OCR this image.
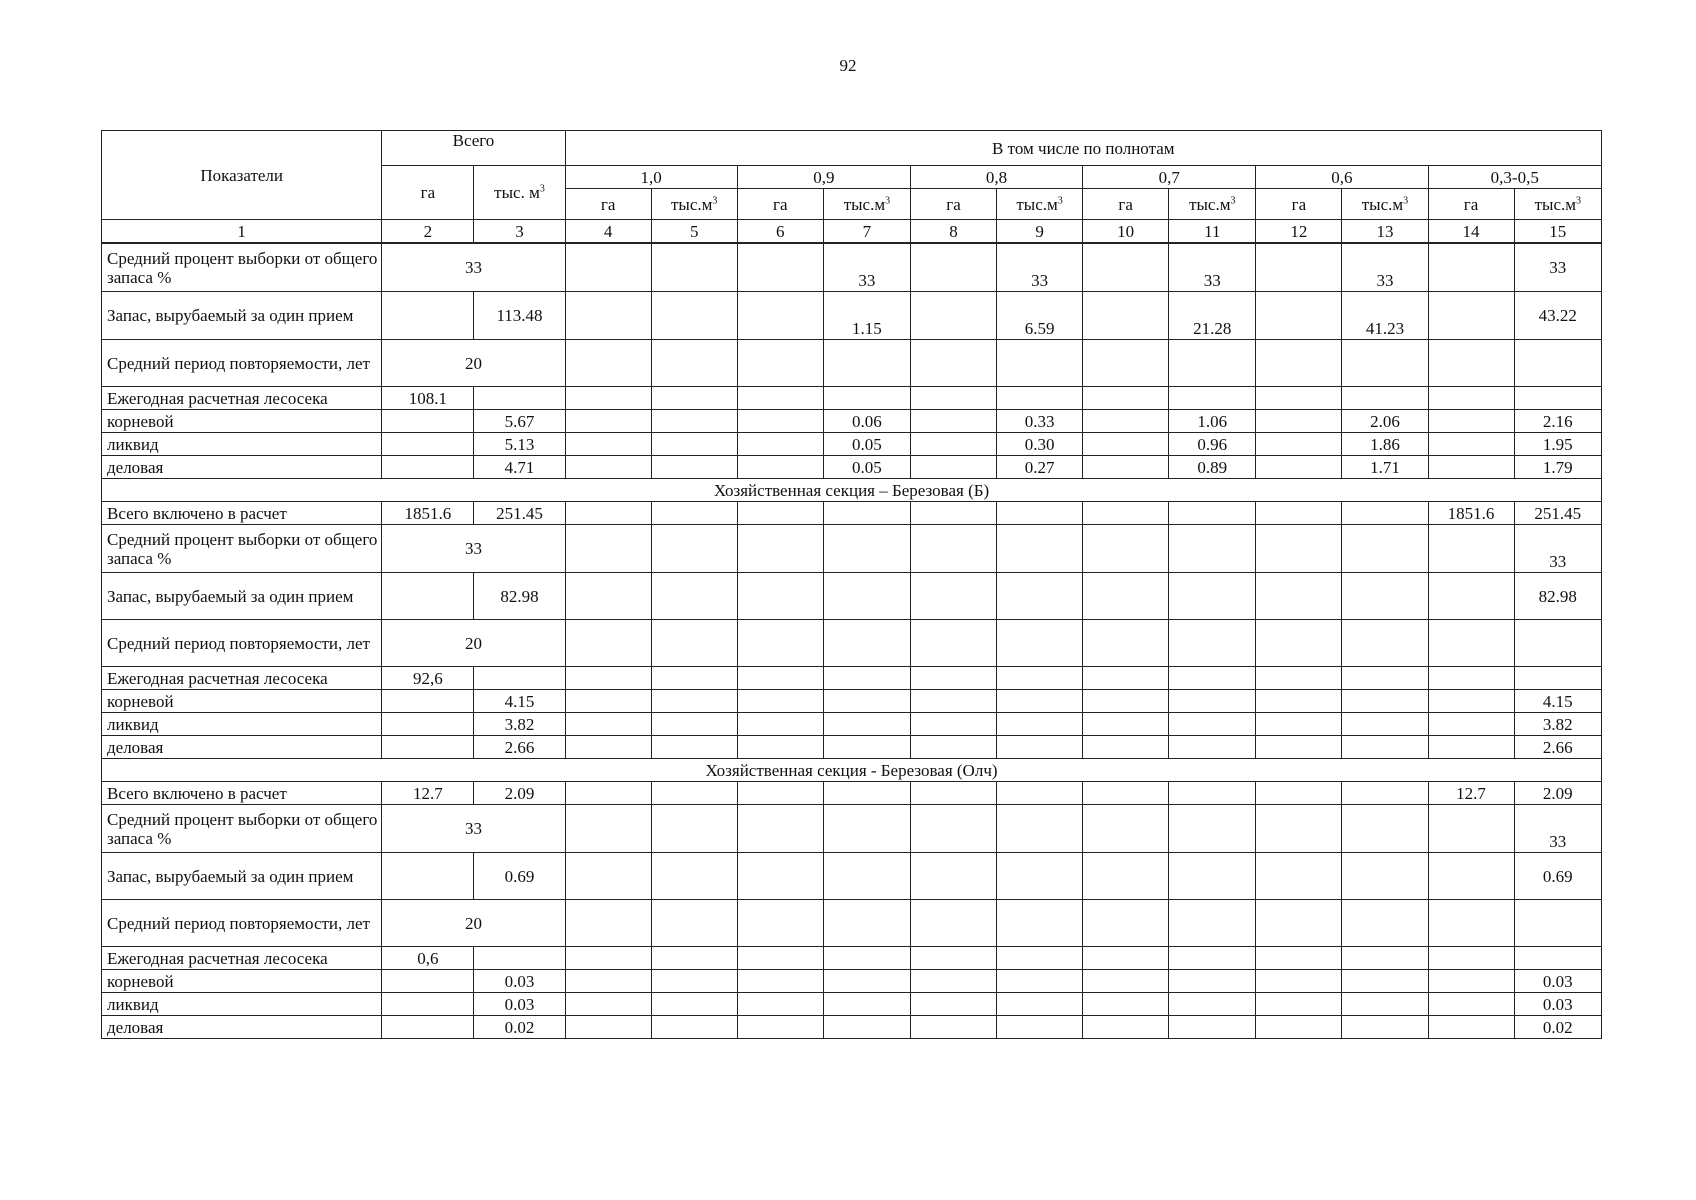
92
Показатели	Всего		В том числе по полнотам											
	га	тыс. $м^3$	1,0		0,9		0,8		0,7		0,6		0,3-0,5	
			га	$тыс.м^3$	га	$тыс.м^3$	га	$тыс.м^3$	га	$тыс.м^3$	га	$тыс.м^3$	га	$тыс.м^3$
1	2	3	4	5	6	7	8	9	10	11	12	13	14	15
Средний процент выборки от общего запаса %	33					33		33		33		33		33
Запас, вырубаемый за один прием		113.48				1.15		6.59		21.28		41.23		43.22
Средний период повторяемости, лет	20													
Ежегодная расчетная лесосека	108.1													
корневой		5.67				0.06		0.33		1.06		2.06		2.16
ликвид		5.13				0.05		0.30		0.96		1.86		1.95
деловая		4.71				0.05		0.27		0.89		1.71		1.79
Хозяйственная секция – Березовая (Б)														
Всего включено в расчет	1851.6	251.45											1851.6	251.45
Средний процент выборки от общего запаса %	33													33
Запас, вырубаемый за один прием		82.98												82.98
Средний период повторяемости, лет	20													
Ежегодная расчетная лесосека	92,6													
корневой		4.15												4.15
ликвид		3.82												3.82
деловая		2.66												2.66
Хозяйственная секция - Березовая (Олч)														
Всего включено в расчет	12.7	2.09											12.7	2.09
Средний процент выборки от общего запаса %	33													33
Запас, вырубаемый за один прием		0.69												0.69
Средний период повторяемости, лет	20													
Ежегодная расчетная лесосека	0,6													
корневой		0.03												0.03
ликвид		0.03												0.03
деловая		0.02												0.02
